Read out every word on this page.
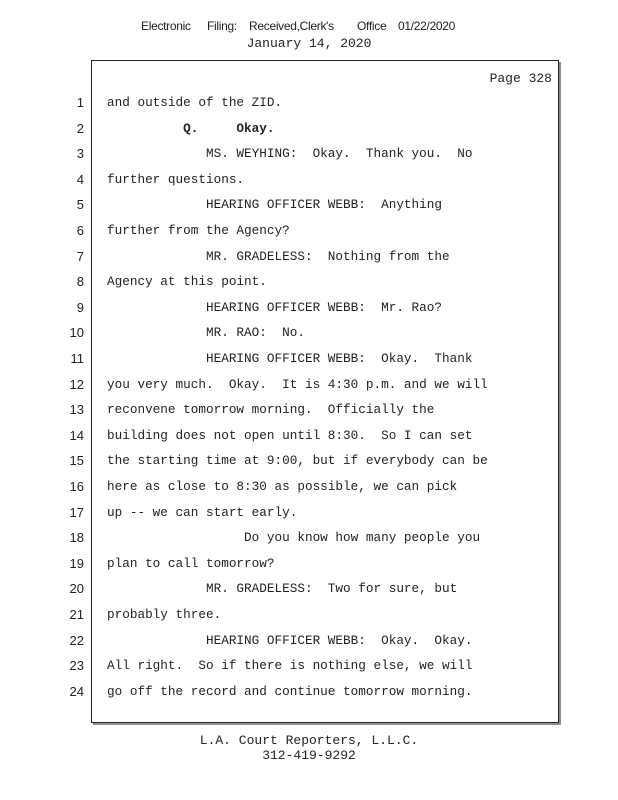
Electronic Filing: Received,Clerk's Office 01/22/2020
January 14, 2020
Page 328
1 and outside of the ZID.
2 Q.     Okay.
3 MS. WEYHING:  Okay.  Thank you.  No
4 further questions.
5 HEARING OFFICER WEBB:  Anything
6 further from the Agency?
7 MR. GRADELESS:  Nothing from the
8 Agency at this point.
9 HEARING OFFICER WEBB:  Mr. Rao?
10 MR. RAO:  No.
11 HEARING OFFICER WEBB:  Okay.  Thank
12 you very much.  Okay.  It is 4:30 p.m. and we will
13 reconvene tomorrow morning.  Officially the
14 building does not open until 8:30.  So I can set
15 the starting time at 9:00, but if everybody can be
16 here as close to 8:30 as possible, we can pick
17 up -- we can start early.
18 Do you know how many people you
19 plan to call tomorrow?
20 MR. GRADELESS:  Two for sure, but
21 probably three.
22 HEARING OFFICER WEBB:  Okay.  Okay.
23 All right.  So if there is nothing else, we will
24 go off the record and continue tomorrow morning.
L.A. Court Reporters, L.L.C.
312-419-9292
